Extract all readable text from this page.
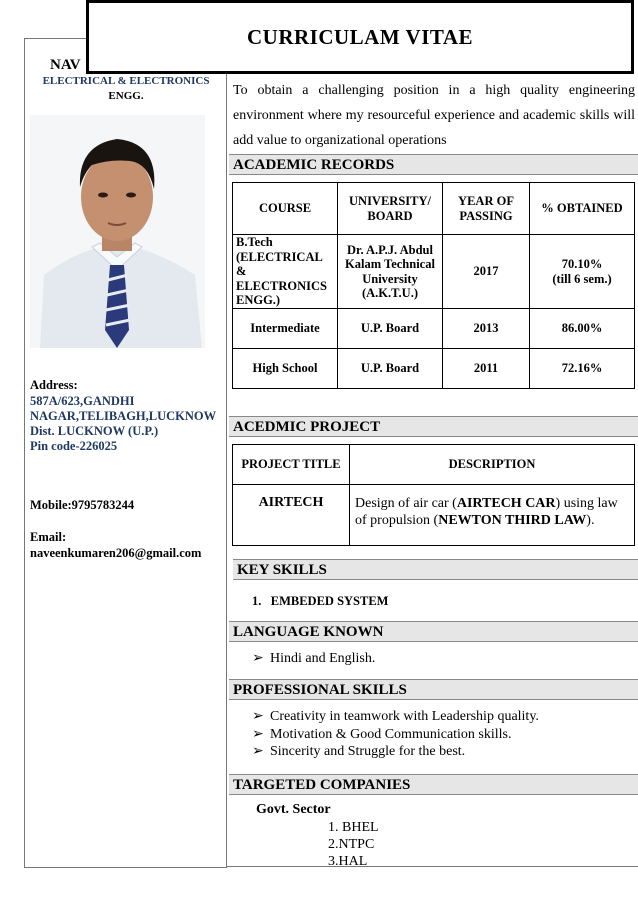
CURRICULAM VITAE
NAV
ELECTRICAL & ELECTRONICS
ENGG.
Address:
587A/623,GANDHI
NAGAR,TELIBAGH,LUCKNOW
Dist. LUCKNOW (U.P.)
Pin code-226025
Mobile:9795783244
Email:
naveenkumaren206@gmail.com
To obtain a challenging position in a high quality engineering environment where my resourceful experience and academic skills will add value to organizational operations
ACADEMIC RECORDS
COURSE	UNIVERSITY/ BOARD	YEAR OF PASSING	% OBTAINED
B.Tech (ELECTRICAL & ELECTRONICS ENGG.)	Dr. A.P.J. Abdul Kalam Technical University (A.K.T.U.)	2017	70.10%
(till 6 sem.)

Intermediate	U.P. Board	2013	86.00%
High School	U.P. Board	2011	72.16%
ACEDMIC PROJECT
PROJECT TITLE	DESCRIPTION
AIRTECH	Design of air car (AIRTECH CAR) using law of propulsion (NEWTON THIRD LAW).
KEY SKILLS
1.   EMBEDED SYSTEM
LANGUAGE KNOWN
➢ Hindi and English.
PROFESSIONAL SKILLS
➢ Creativity in teamwork with Leadership quality.
➢ Motivation & Good Communication skills.
➢ Sincerity and Struggle for the best.
TARGETED COMPANIES
Govt. Sector
1. BHEL
2.NTPC
3.HAL
